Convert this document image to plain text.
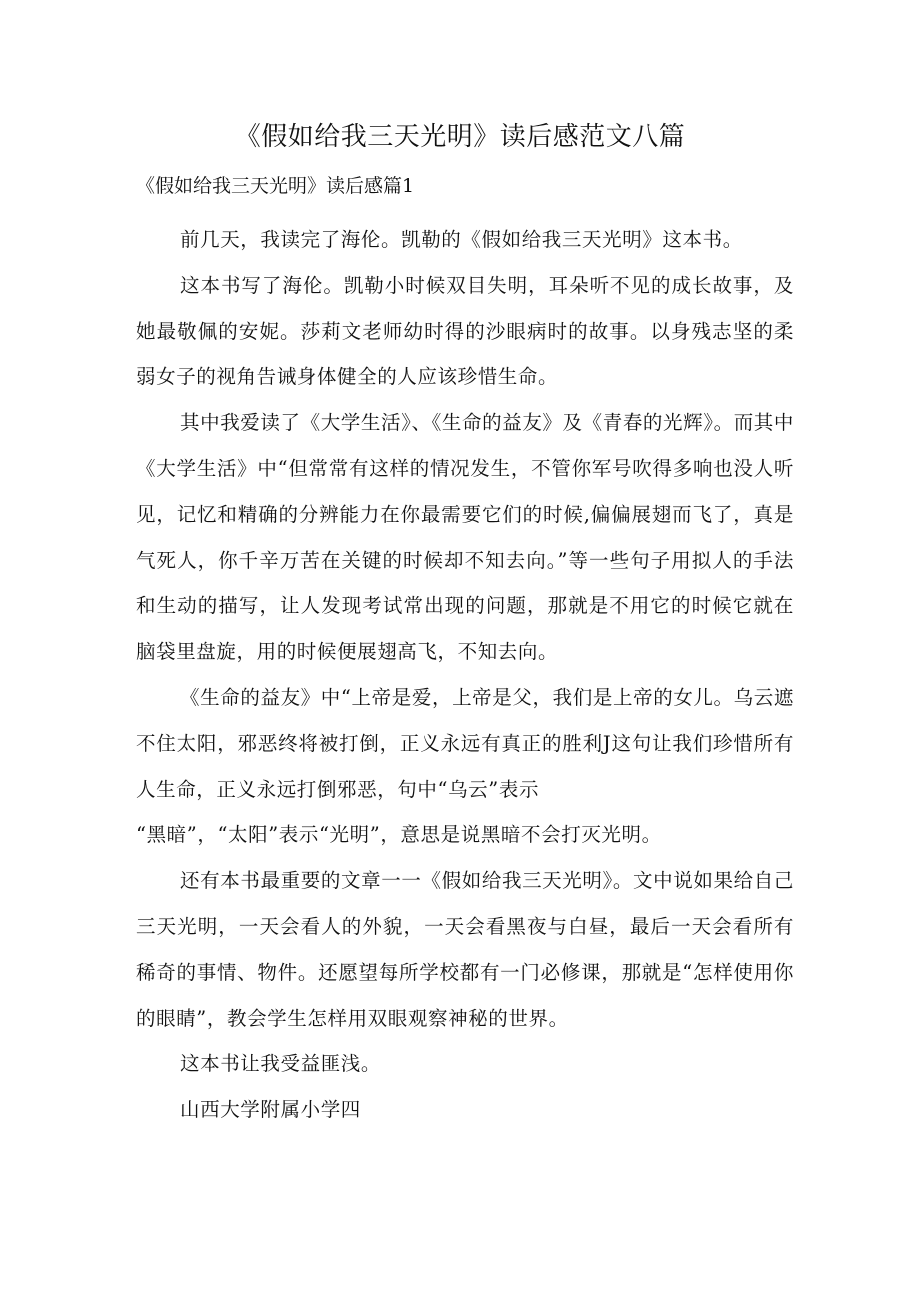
《假如给我三天光明》读后感范文八篇

《假如给我三天光明》读后感篇1

前几天，我读完了海伦。凯勒的《假如给我三天光明》这本书。

这本书写了海伦。凯勒小时候双目失明，耳朵听不见的成长故事，及她最敬佩的安妮。莎莉文老师幼时得的沙眼病时的故事。以身残志坚的柔弱女子的视角告诫身体健全的人应该珍惜生命。

其中我爱读了《大学生活》、《生命的益友》及《青春的光辉》。而其中《大学生活》中“但常常有这样的情况发生，不管你军号吹得多响也没人听见，记忆和精确的分辨能力在你最需要它们的时候,偏偏展翅而飞了，真是气死人，你千辛万苦在关键的时候却不知去向。”等一些句子用拟人的手法和生动的描写，让人发现考试常出现的问题，那就是不用它的时候它就在脑袋里盘旋，用的时候便展翅高飞，不知去向。

《生命的益友》中“上帝是爱，上帝是父，我们是上帝的女儿。乌云遮不住太阳，邪恶终将被打倒，正义永远有真正的胜利J这句让我们珍惜所有人生命，正义永远打倒邪恶，句中“乌云”表示

“黑暗”，“太阳”表示“光明”，意思是说黑暗不会打灭光明。

还有本书最重要的文章一一《假如给我三天光明》。文中说如果给自己三天光明，一天会看人的外貌，一天会看黑夜与白昼，最后一天会看所有稀奇的事情、物件。还愿望每所学校都有一门必修课，那就是“怎样使用你的眼睛”，教会学生怎样用双眼观察神秘的世界。

这本书让我受益匪浅。

山西大学附属小学四
